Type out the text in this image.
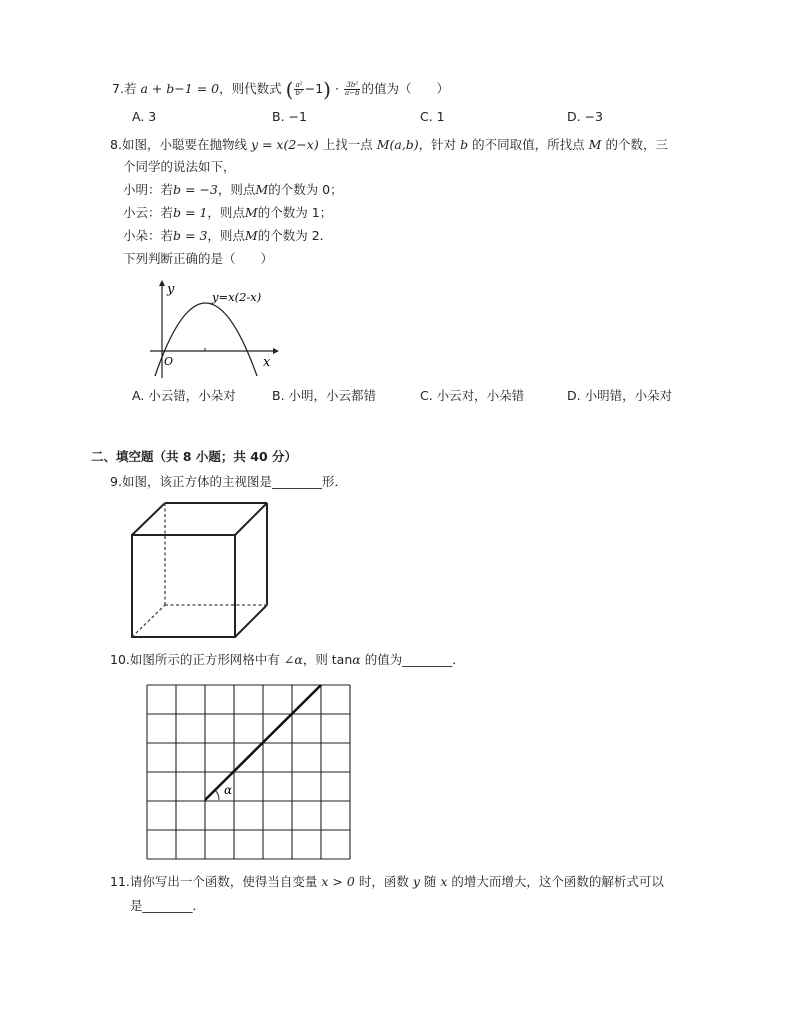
7.若 a + b−1 = 0，则代数式 ( $\frac{\text{a²}}{\text{b²}} -1) \cdot \frac{\text{3b²}}{a-b}$ 的值为（　　）
A. 3	B. −1	C. 1	D. −3
8.如图，小聪要在抛物线 y = x(2−x) 上找一点 M(a,b)，针对 b 的不同取值，所找点 M 的个数，三
个同学的说法如下，
小明：若b = −3，则点M的个数为 0；
小云：若b = 1，则点M的个数为 1；
小朵：若b = 3，则点M的个数为 2．
下列判断正确的是（　　）
y
x
O
y=x(2-x)
A. 小云错，小朵对	B. 小明，小云都错	C. 小云对，小朵错	D. 小明错，小朵对
二、填空题（共 8 小题；共 40 分）
9.如图，该正方体的主视图是________形．
10.如图所示的正方形网格中有 ∠α，则 tanα 的值为________．
α
11.请你写出一个函数，使得当自变量 x > 0 时，函数 y 随 x 的增大而增大，这个函数的解析式可以
是________．
